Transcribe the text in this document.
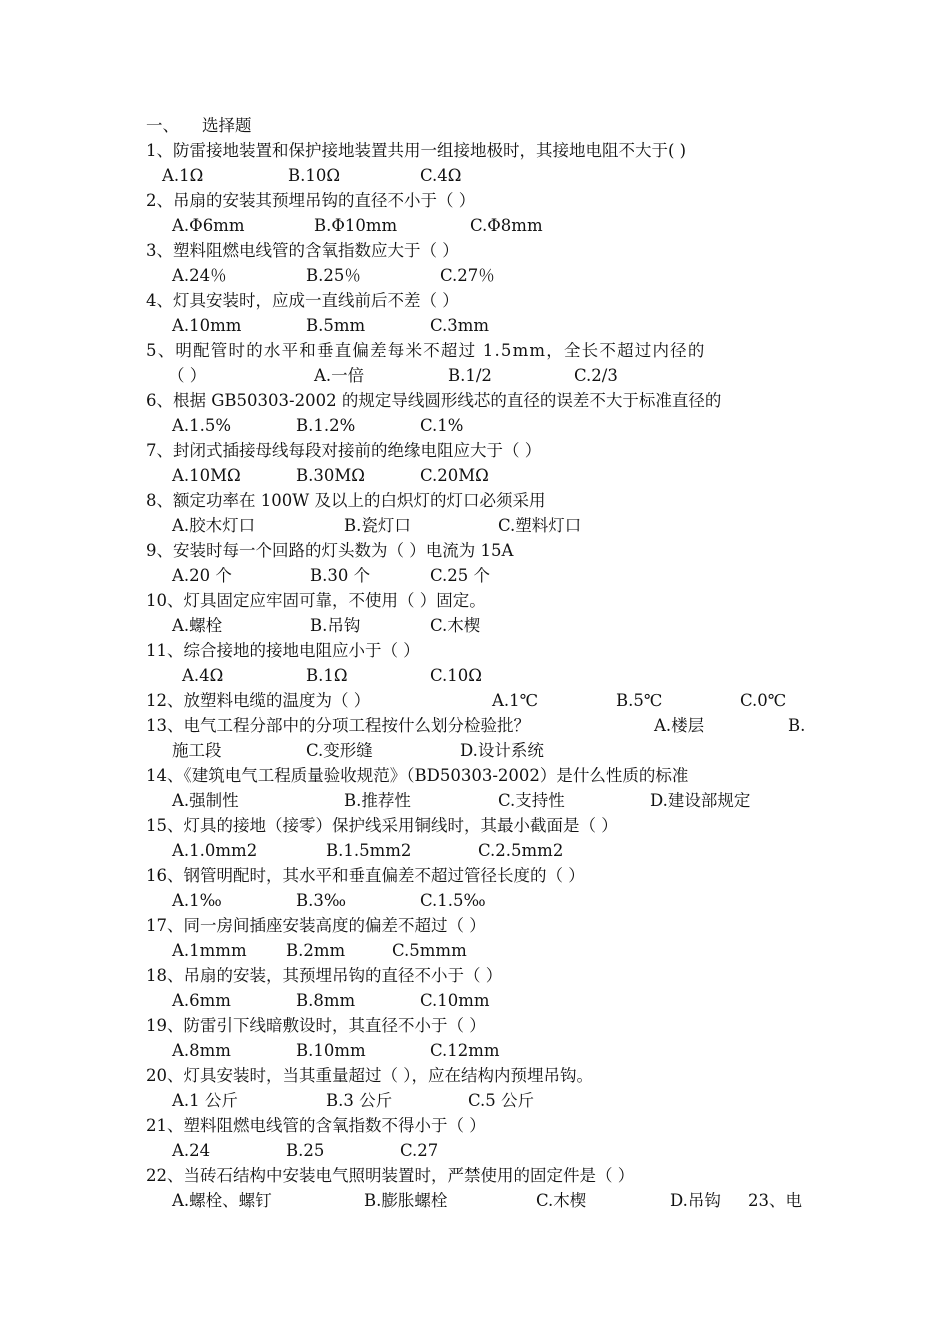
一、 选择题
1、防雷接地装置和保护接地装置共用一组接地极时，其接地电阻不大于( )
A.1Ω	B.10Ω	C.4Ω
2、吊扇的安装其预埋吊钩的直径不小于（ ）
A.Φ6mm	B.Φ10mm	C.Φ8mm
3、塑料阻燃电线管的含氧指数应大于（ ）
A.24％	B.25％	C.27％
4、灯具安装时，应成一直线前后不差（ ）
A.10mm	B.5mm	C.3mm
5、明配管时的水平和垂直偏差每米不超过 1.5mm，全长不超过内径的
（ ）	A.一倍	B.1/2	C.2/3
6、根据 GB50303-2002 的规定导线圆形线芯的直径的误差不大于标准直径的
A.1.5%	B.1.2%	C.1%
7、封闭式插接母线每段对接前的绝缘电阻应大于（ ）
A.10MΩ	B.30MΩ	C.20MΩ
8、额定功率在 100W 及以上的白炽灯的灯口必须采用
A.胶木灯口	B.瓷灯口	C.塑料灯口
9、安装时每一个回路的灯头数为（ ）电流为 15A
A.20 个	B.30 个	C.25 个
10、灯具固定应牢固可靠，不使用（ ）固定。
A.螺栓	B.吊钩	C.木楔
11、综合接地的接地电阻应小于（ ）
A.4Ω	B.1Ω	C.10Ω
12、放塑料电缆的温度为（ ）	A.1℃	B.5℃	C.0℃
13、电气工程分部中的分项工程按什么划分检验批？	A.楼层	B.
施工段	C.变形缝	D.设计系统
14、《建筑电气工程质量验收规范》（BD50303-2002）是什么性质的标准
A.强制性	B.推荐性	C.支持性	D.建设部规定
15、灯具的接地（接零）保护线采用铜线时，其最小截面是（ ）
A.1.0mm2	B.1.5mm2	C.2.5mm2
16、钢管明配时，其水平和垂直偏差不超过管径长度的（ ）
A.1‰	B.3‰	C.1.5‰
17、同一房间插座安装高度的偏差不超过（ ）
A.1mmm B.2mm	C.5mmm
18、吊扇的安装，其预埋吊钩的直径不小于（ ）
A.6mm	B.8mm	C.10mm
19、防雷引下线暗敷设时，其直径不小于（ ）
A.8mm	B.10mm	C.12mm
20、灯具安装时，当其重量超过（ ），应在结构内预埋吊钩。
A.1 公斤	B.3 公斤	C.5 公斤
21、塑料阻燃电线管的含氧指数不得小于（ ）
A.24	B.25	C.27
22、当砖石结构中安装电气照明装置时，严禁使用的固定件是（ ）
A.螺栓、螺钉	B.膨胀螺栓	C.木楔	D.吊钩 23、电
